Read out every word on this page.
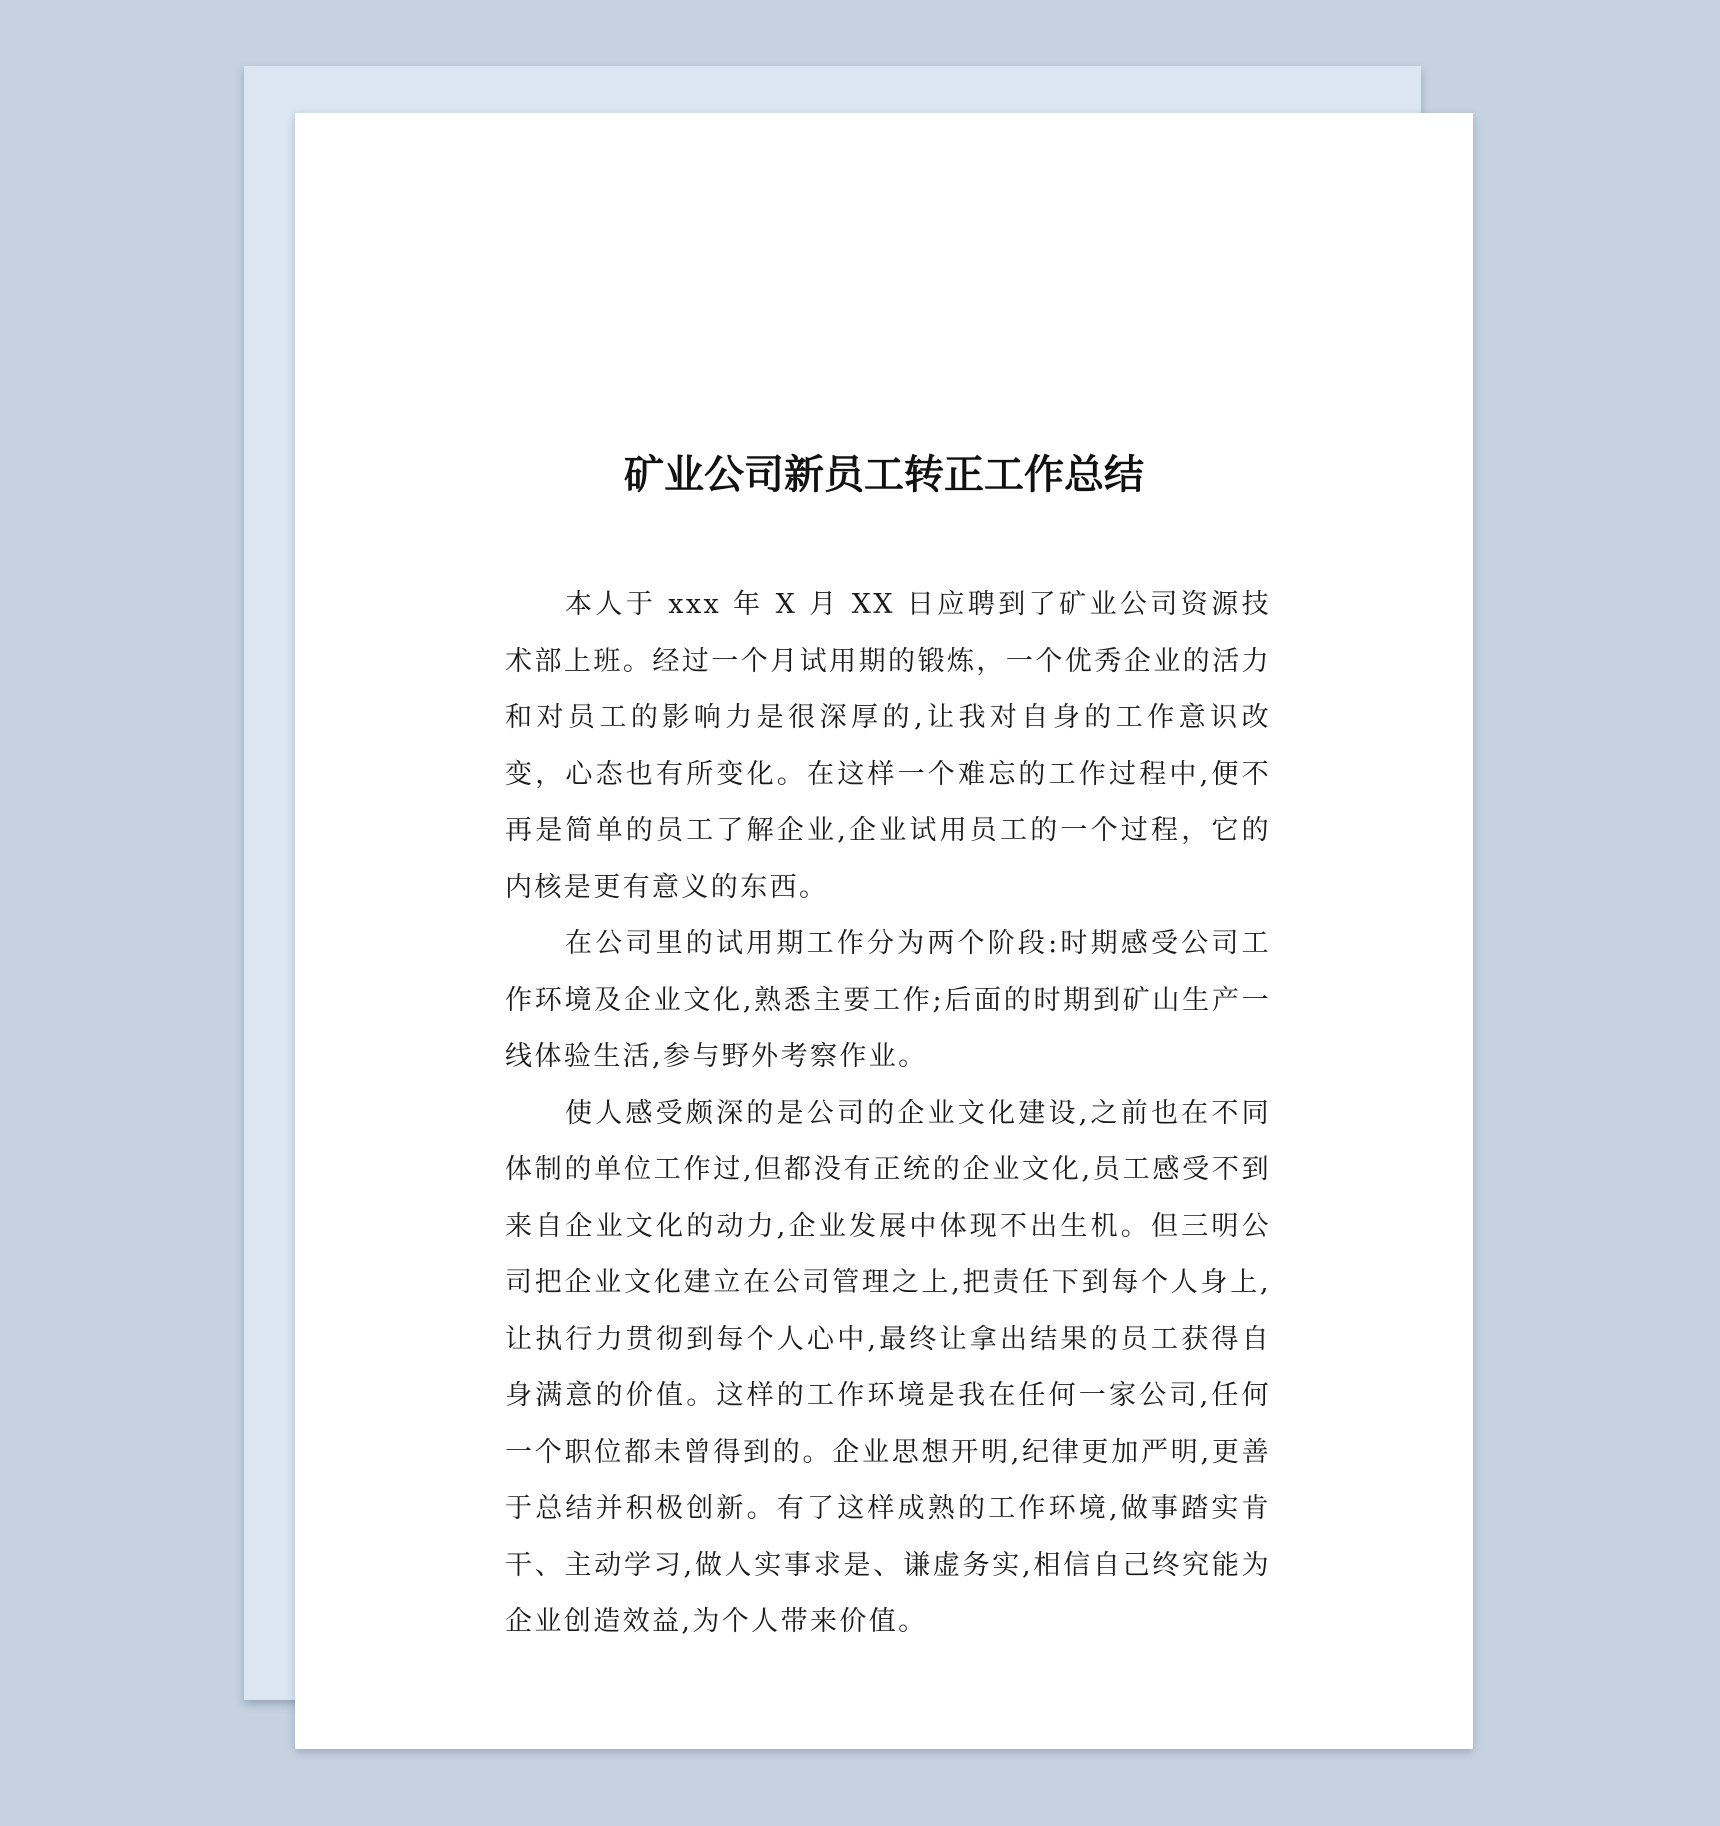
矿业公司新员工转正工作总结

本人于 xxx 年 X 月 XX 日应聘到了矿业公司资源技术部上班。经过一个月试用期的锻炼，一个优秀企业的活力和对员工的影响力是很深厚的,让我对自身的工作意识改变，心态也有所变化。在这样一个难忘的工作过程中,便不再是简单的员工了解企业,企业试用员工的一个过程，它的内核是更有意义的东西。

在公司里的试用期工作分为两个阶段:时期感受公司工作环境及企业文化,熟悉主要工作;后面的时期到矿山生产一线体验生活,参与野外考察作业。

使人感受颇深的是公司的企业文化建设,之前也在不同体制的单位工作过,但都没有正统的企业文化,员工感受不到来自企业文化的动力,企业发展中体现不出生机。但三明公司把企业文化建立在公司管理之上,把责任下到每个人身上,让执行力贯彻到每个人心中,最终让拿出结果的员工获得自身满意的价值。这样的工作环境是我在任何一家公司,任何一个职位都未曾得到的。企业思想开明,纪律更加严明,更善于总结并积极创新。有了这样成熟的工作环境,做事踏实肯干、主动学习,做人实事求是、谦虚务实,相信自己终究能为企业创造效益,为个人带来价值。
